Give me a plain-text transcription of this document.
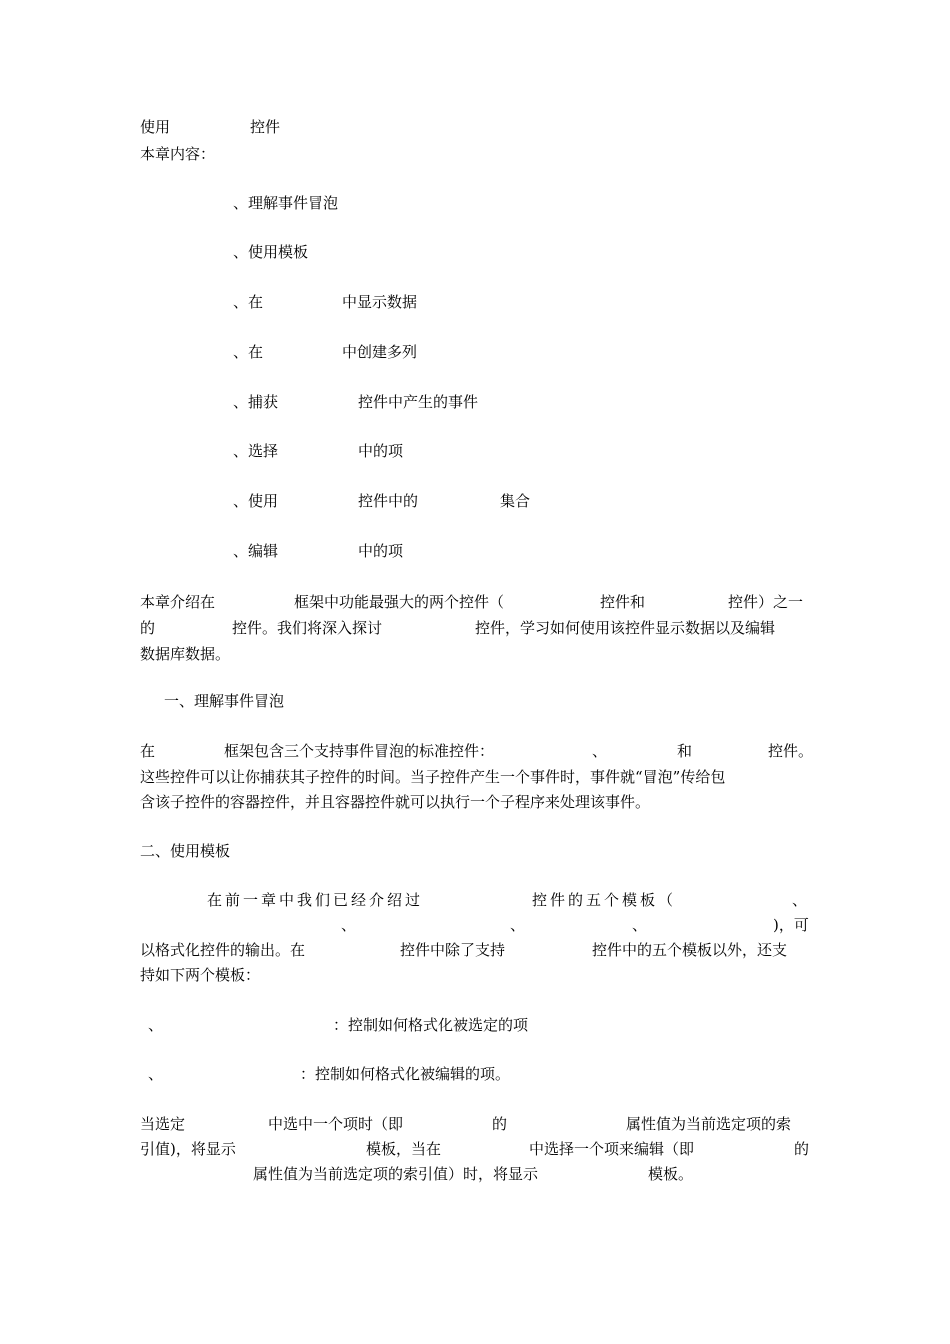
使用	控件
本章内容：
、理解事件冒泡
、使用模板
、在	中显示数据
、在	中创建多列
、捕获	控件中产生的事件
、选择	中的项
、使用	控件中的	集合
、编辑	中的项
本章介绍在	框架中功能最强大的两个控件（	控件和	控件）之一
的	控件。我们将深入探讨	控件，学习如何使用该控件显示数据以及编辑
数据库数据。
一、理解事件冒泡
在	框架包含三个支持事件冒泡的标准控件：	、	和	控件。
这些控件可以让你捕获其子控件的时间。当子控件产生一个事件时，事件就“冒泡”传给包
含该子控件的容器控件，并且容器控件就可以执行一个子程序来处理该事件。
二、使用模板
在前一章中我们已经介绍过	控件的五个模板（	、
、	、	、	)，可
以格式化控件的输出。在	控件中除了支持	控件中的五个模板以外，还支
持如下两个模板：
、	：控制如何格式化被选定的项
、	：控制如何格式化被编辑的项。
当选定	中选中一个项时（即	的	属性值为当前选定项的索
引值)，将显示	模板，当在	中选择一个项来编辑（即	的
属性值为当前选定项的索引值）时，将显示	模板。
